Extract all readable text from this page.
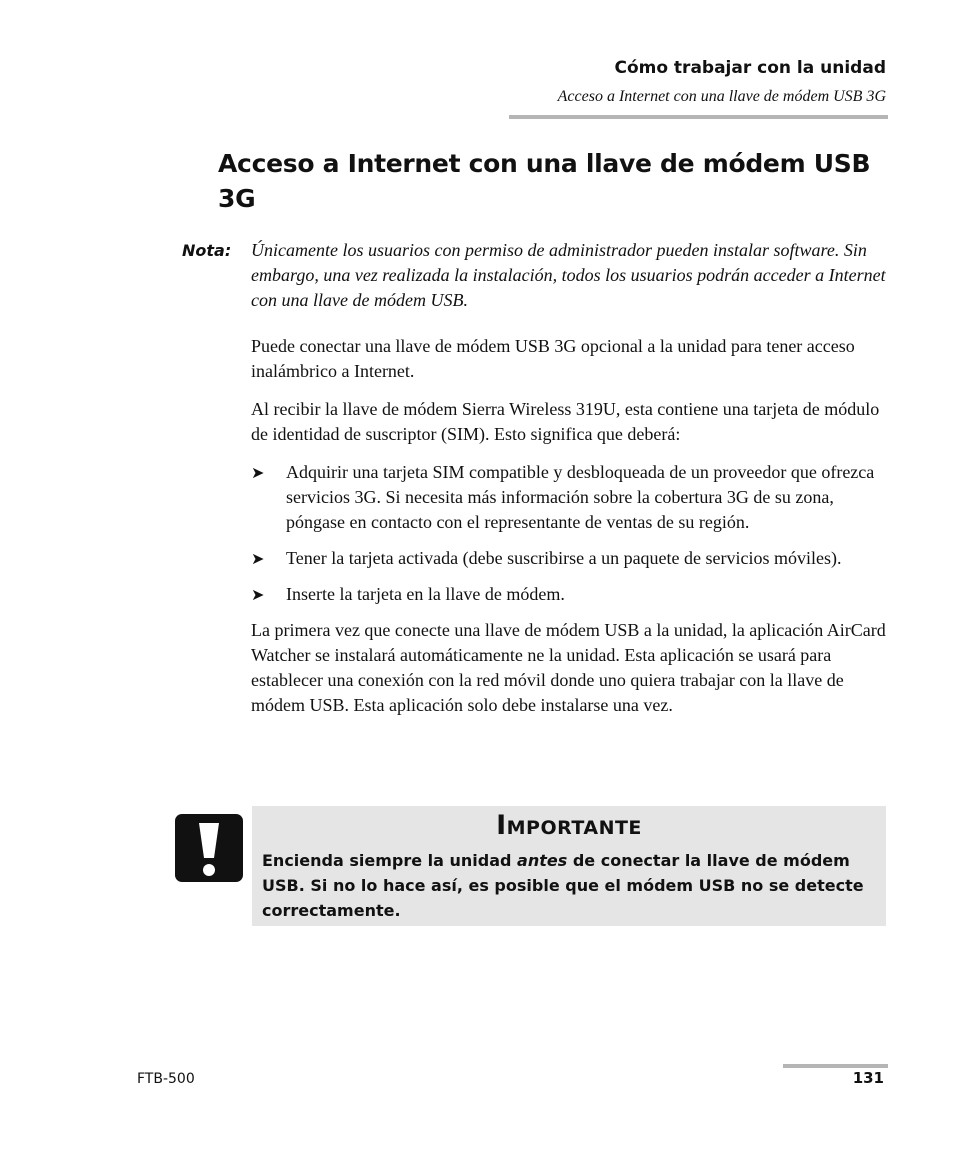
Cómo trabajar con la unidad
Acceso a Internet con una llave de módem USB 3G
Acceso a Internet con una llave de módem USB 3G
Nota: Únicamente los usuarios con permiso de administrador pueden instalar software. Sin embargo, una vez realizada la instalación, todos los usuarios podrán acceder a Internet con una llave de módem USB.

Puede conectar una llave de módem USB 3G opcional a la unidad para tener acceso inalámbrico a Internet.

Al recibir la llave de módem Sierra Wireless 319U, esta contiene una tarjeta de módulo de identidad de suscriptor (SIM). Esto significa que deberá:

➤ Adquirir una tarjeta SIM compatible y desbloqueada de un proveedor que ofrezca servicios 3G. Si necesita más información sobre la cobertura 3G de su zona, póngase en contacto con el representante de ventas de su región.
➤ Tener la tarjeta activada (debe suscribirse a un paquete de servicios móviles).
➤ Inserte la tarjeta en la llave de módem.

La primera vez que conecte una llave de módem USB a la unidad, la aplicación AirCard Watcher se instalará automáticamente ne la unidad. Esta aplicación se usará para establecer una conexión con la red móvil donde uno quiera trabajar con la llave de módem USB. Esta aplicación solo debe instalarse una vez.

Importante

Encienda siempre la unidad antes de conectar la llave de módem USB. Si no lo hace así, es posible que el módem USB no se detecte correctamente.

FTB-500	131
